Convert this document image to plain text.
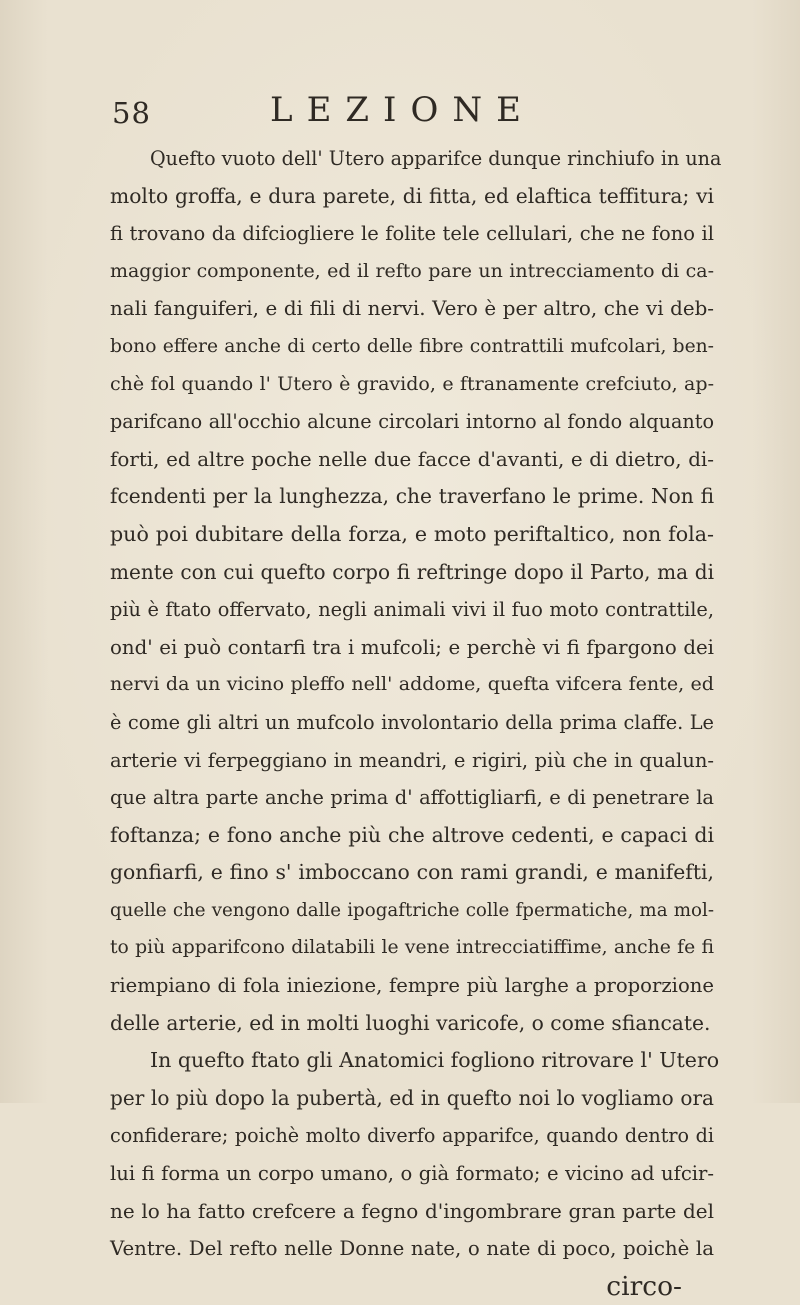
58	LEZIONE
Quefto vuoto dell' Utero apparifce dunque rinchiufo in una
molto groffa, e dura parete, di fitta, ed elaftica teffitura; vi
fi trovano da difciogliere le folite tele cellulari, che ne fono il
maggior componente, ed il refto pare un intrecciamento di ca-
nali fanguiferi, e di fili di nervi. Vero è per altro, che vi deb-
bono effere anche di certo delle fibre contrattili mufcolari, ben-
chè fol quando l' Utero è gravido, e ftranamente crefciuto, ap-
parifcano all'occhio alcune circolari intorno al fondo alquanto
forti, ed altre poche nelle due facce d'avanti, e di dietro, di-
fcendenti per la lunghezza, che traverfano le prime. Non fi
può poi dubitare della forza, e moto periftaltico, non fola-
mente con cui quefto corpo fi reftringe dopo il Parto, ma di
più è ftato offervato, negli animali vivi il fuo moto contrattile,
ond' ei può contarfi tra i mufcoli; e perchè vi fi fpargono dei
nervi da un vicino pleffo nell' addome, quefta vifcera fente, ed
è come gli altri un mufcolo involontario della prima claffe. Le
arterie vi ferpeggiano in meandri, e rigiri, più che in qualun-
que altra parte anche prima d' affottigliarfi, e di penetrare la
foftanza; e fono anche più che altrove cedenti, e capaci di
gonfiarfi, e fino s' imboccano con rami grandi, e manifefti,
quelle che vengono dalle ipogaftriche colle fpermatiche, ma mol-
to più apparifcono dilatabili le vene intrecciatiffime, anche fe fi
riempiano di fola iniezione, fempre più larghe a proporzione
delle arterie, ed in molti luoghi varicofe, o come sfiancate.
In quefto ftato gli Anatomici fogliono ritrovare l' Utero
per lo più dopo la pubertà, ed in quefto noi lo vogliamo ora
confiderare; poichè molto diverfo apparifce, quando dentro di
lui fi forma un corpo umano, o già formato; e vicino ad ufcir-
ne lo ha fatto crefcere a fegno d'ingombrare gran parte del
Ventre. Del refto nelle Donne nate, o nate di poco, poichè la
circo-
